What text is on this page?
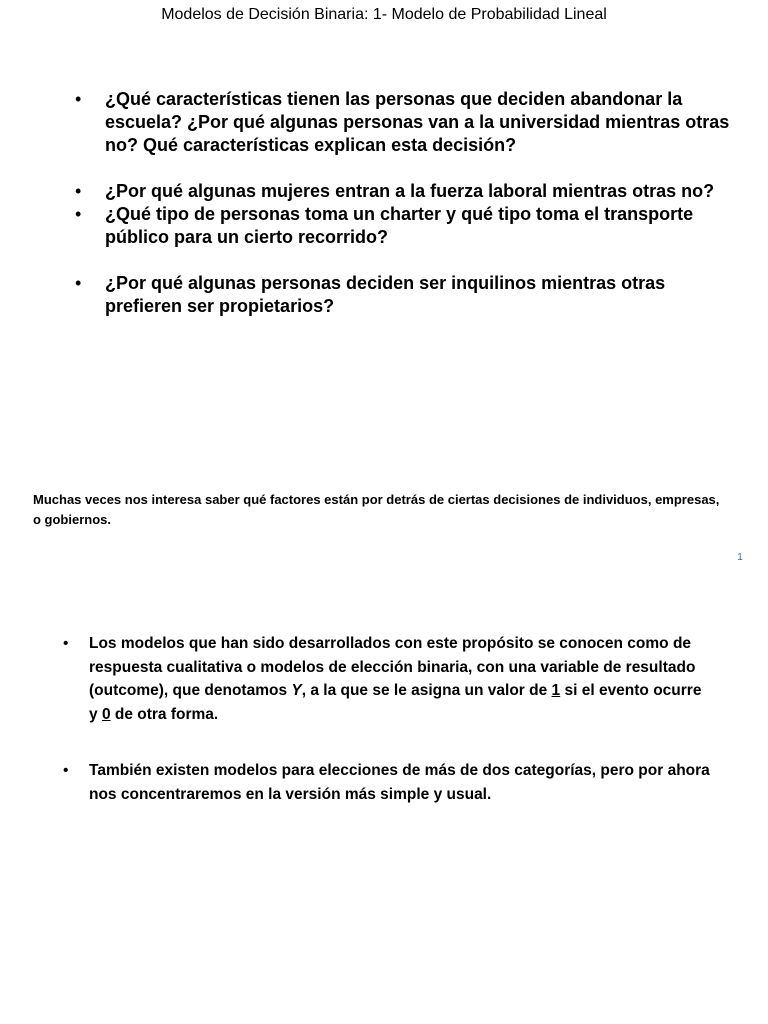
Modelos de Decisión Binaria: 1- Modelo de Probabilidad Lineal
• ¿Qué características tienen las personas que deciden abandonar la escuela? ¿Por qué algunas personas van a la universidad mientras otras no? Qué características explican esta decisión?
• ¿Por qué algunas mujeres entran a la fuerza laboral mientras otras no?
• ¿Qué tipo de personas toma un charter y qué tipo toma el transporte público para un cierto recorrido?
• ¿Por qué algunas personas deciden ser inquilinos mientras otras prefieren ser propietarios?
Muchas veces nos interesa saber qué factores están por detrás de ciertas decisiones de individuos, empresas, o gobiernos.
1
• Los modelos que han sido desarrollados con este propósito se conocen como de respuesta cualitativa o modelos de elección binaria, con una variable de resultado (outcome), que denotamos Y, a la que se le asigna un valor de 1 si el evento ocurre y 0 de otra forma.
• También existen modelos para elecciones de más de dos categorías, pero por ahora nos concentraremos en la versión más simple y usual.
